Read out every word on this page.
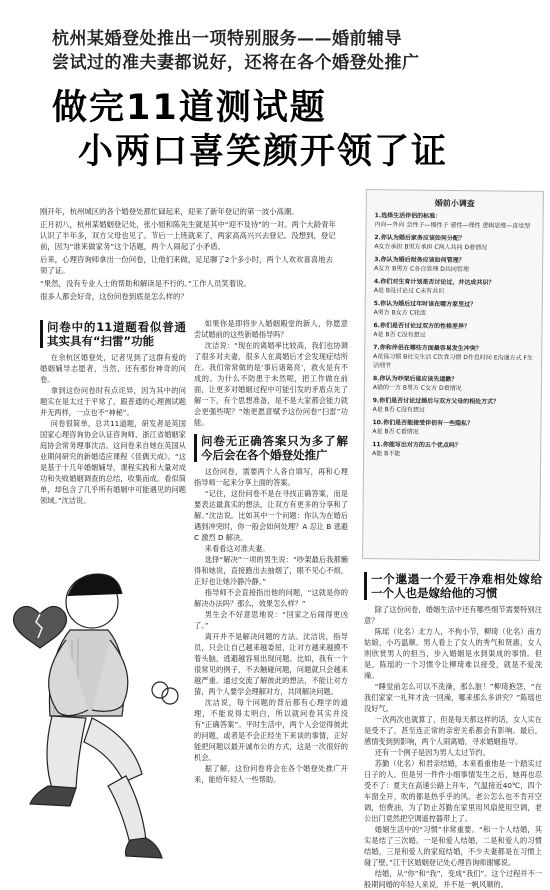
杭州某婚登处推出一项特别服务——婚前辅导
尝试过的准夫妻都说好，还将在各个婚登处推广
做完11道测试题
小两口喜笑颜开领了证

刚开年，杭州城区的各个婚登处都忙碌起来，迎来了新年登记的第一波小高潮。

正月初八，杭州某婚姻登记处，张小姐和陈先生就是其中“迎不及待”的一对。两个大龄青年认识了半年多，双方父母也见了。节后一上班就来了，两家高高兴兴去登记。没想到，登记前，因为“谁来做家务”这个话题，两个人闹起了小矛盾。

后来，心理咨询师拿出一份问卷，让他们来做，足足聊了2个多小时，两个人欢欢喜喜地去领了证。

“果然，没有专业人士的帮助和解读是不行的。”工作人员笑着说。

很多人都会好奇，这份问卷到底是怎么样的？

婚前小调查
1.选择生活伴侣的标准：
内向—外向 急性子—慢性子 感性—理性 逻辑思维—直觉型
2.你认为婚后家务应该如何分配？
A女方承担 B男方承担 C两人共同 D看情况
3.你认为婚后财务应该如何管理？
A女方 B男方 C各自管理 D共同管理
4.你们对生育计划是否讨论过，并达成共识？
A是 B没讨论过 C未有共识
5.你认为婚后过年时该在哪方家里过？
A男方 B女方 C轮流
6.你们是否讨论过双方的性格差异？
A是 B否 C没有想过
7.你和伴侣在哪些方面最容易发生冲突？
A花钱习惯 B社交生活 C饮食习惯 D作息时间 E沟通方式 F生活细节
8.你认为吵架后谁应该先道歉？
A错的一方 B男方 C女方 D看情况
9.你们是否讨论过婚后与双方父母的相处方式？
A是 B否 C没有想过
10.你们是否能接受伴侣有一些隐私？
A是 B否 C看情况
11.你能写出对方的五个优点吗？
A能 B不能
问卷中的11道题看似普通其实具有“扫雷”功能

在余杭区婚登处，记者见到了这群有爱的婚姻辅导志愿者，当然，还有那份神奇的问卷。

拿到这份问卷时有点诧异，因为其中的问题实在是太过于平常了，跟普通的心理测试题并无两样，一点也不“神秘”。

问卷很简单，总共11道题，研发者是英国国家心理咨询协会认证咨询师、浙江省婚姻家庭协会常务理事沈洁。这问卷来自她在英国从业期间研究的新婚适应课程《佳偶天成》。“这是基于十几年婚姻辅导，课程实践和大量对成功和失败婚姻调查的总结，收集而成。看似简单，却包含了几乎所有婚姻中可能遇见的问题领域。”沈洁说。

如果你是即将步入婚姻殿堂的新人，你愿意尝试婚前的这些新婚指导吗？

沈洁说：“现在的离婚率比较高，我们也协调了很多对夫妻，很多人在离婚后才会发现症结所在。我们常常做的是‘事后诸葛亮’，救火是有不成的。为什么不防患于未然呢，把工作做在前面，让更多对婚姻过程中可能引发的矛盾点先了解一下，有个思想准备，是不是大家都会能力就会更强些呢？”她更愿意赋予这份问卷“扫雷”功能。

问卷无正确答案只为多了解今后会在各个婚登处推广

这份问卷，需要两个人各自填写，再和心理指导师一起来分享上面的答案。

“记住，这份问卷不是在寻找正确答案，而是要表达最真实的想法，让双方有更多的分享和了解。”沈洁说。比如其中一个问题：你认为在婚后遇到冲突时，你一般会如何处理？A 忍让 B 逃避 C 激烈 D 解决。

来看看这对准夫妻。

选择“解决”一项的男生说：“吵架最后我都懒得和她说，直接跑出去抽烟了，眼不见心不烦，正好也让她冷静冷静。”

指导师不会直接指出他的问题，“这就是你的解决办法吗？那么，效果怎么样？”

男生会不好意思地说：“回家之后闹得更凶了。”

离开并不是解决问题的方法。沈洁说，指导员，只会让自己越来越委屈，让对方越来越摸不着头脑，逃避越容易出现问题。比如，我有一个很常见的例子，不去触碰问题，问题就只会越来越严重。通过交流了解彼此的想法，不能让对方猜，两个人要学会理解对方，共同解决问题。

沈洁说，每个问题的背后都有心理学的道理，不能说得太明白，所以就问卷其实并没有“正确答案”。平时生活中，两个人会觉得彼此的问题，或者是不会正经坐下来谈的事情，正好能把问题以最开诚布公的方式，这是一次很好的机会。

据了解，这份问卷将会在各个婚登处推广开来，能给年轻人一些帮助。

一个邋遢一个爱干净难相处嫁给一个人也是嫁给他的习惯

除了这份问卷，婚姻生活中还有哪些细节需要特别注意？

陈瑶（化名）北方人，不拘小节，柳琦（化名）南方姑娘，小巧温顺。男人看上了女人的秀气和贤惠，女人则欣赏男人的担当，步入婚姻是水到渠成的事情。但是，陈瑶的一个习惯令让柳琦难以接受，就是不爱洗澡。

“睡觉前怎么可以不洗澡，那么脏！”柳琦抱怨，“在我们家家一礼拜才洗一回澡，哪来那么多讲究？”陈瑶也没好气。

一次两次也就算了，但是每天都这样的话，女人实在是受不了，甚至连正常的亲密关系都会有影响。最后，感情变到到影响，两个人闹离婚，寻求婚姻指导。

还有一个例子是因为男人太过节约。

苏勤（化名）和君亲结婚，本来看重他是一个踏实过日子的人。但是另一件件小细事情发生之后，她再也忍受不了：夏天在高速公路上开车，气温接近40℃，四个车窗全开，吹的都是热乎乎的风。老公怎么也不肯开空调，怕费油，为了防止苏勤在家里用风扇使用空调，老公出门竟然把空调遥控器带上了。

婚姻生活中的“习惯”非常重要。“和一个人结婚，其实是结了三次婚。一是和爱人结婚，二是和爱人的习惯结婚，三是和爱人的家庭结婚，不少夫妻都是在习惯上碰了壁。”江干区婚姻登记处心理咨询师谢娜说。

结婚，从“你”和“我”，变成“我们”。这个过程并不一般期间婚的年轻人来说，并不是一帆风顺的。
